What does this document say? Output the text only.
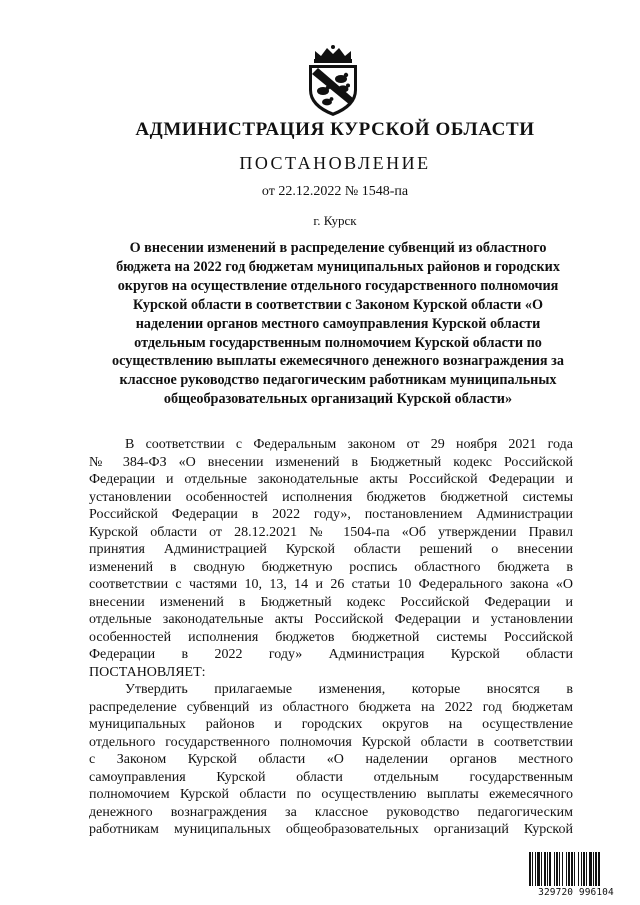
АДМИНИСТРАЦИЯ КУРСКОЙ ОБЛАСТИ
ПОСТАНОВЛЕНИЕ
от 22.12.2022 № 1548-па
г. Курск
О внесении изменений в распределение субвенций из областного
бюджета на 2022 год бюджетам муниципальных районов и городских
округов на осуществление отдельного государственного полномочия
Курской области в соответствии с Законом Курской области «О
наделении органов местного самоуправления Курской области
отдельным государственным полномочием Курской области по
осуществлению выплаты ежемесячного денежного вознаграждения за
классное руководство педагогическим работникам муниципальных
общеобразовательных организаций Курской области»
В соответствии с Федеральным законом от 29 ноября 2021 года
№ 384-ФЗ «О внесении изменений в Бюджетный кодекс Российской
Федерации и отдельные законодательные акты Российской Федерации и
установлении особенностей исполнения бюджетов бюджетной системы
Российской Федерации в 2022 году», постановлением Администрации
Курской области от 28.12.2021 № 1504-па «Об утверждении Правил
принятия Администрацией Курской области решений о внесении
изменений в сводную бюджетную роспись областного бюджета в
соответствии с частями 10, 13, 14 и 26 статьи 10 Федерального закона «О
внесении изменений в Бюджетный кодекс Российской Федерации и
отдельные законодательные акты Российской Федерации и установлении
особенностей исполнения бюджетов бюджетной системы Российской
Федерации в 2022 году» Администрация Курской области
ПОСТАНОВЛЯЕТ:
Утвердить прилагаемые изменения, которые вносятся в
распределение субвенций из областного бюджета на 2022 год бюджетам
муниципальных районов и городских округов на осуществление
отдельного государственного полномочия Курской области в соответствии
с Законом Курской области «О наделении органов местного
самоуправления Курской области отдельным государственным
полномочием Курской области по осуществлению выплаты ежемесячного
денежного вознаграждения за классное руководство педагогическим
работникам муниципальных общеобразовательных организаций Курской
329720 996104
